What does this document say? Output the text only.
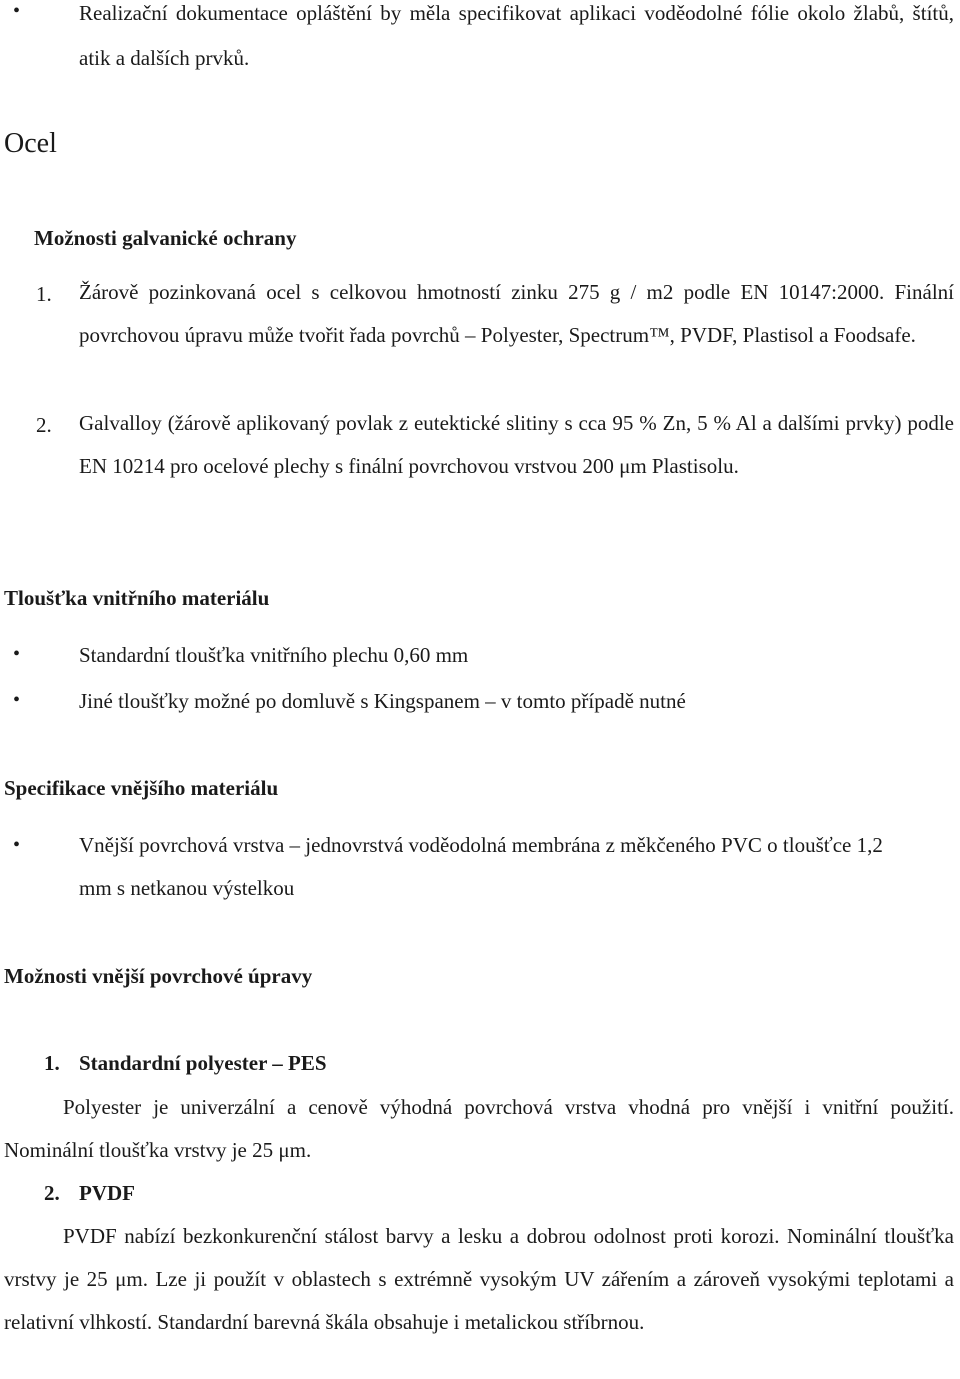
•	Realizační dokumentace opláštění by měla specifikovat aplikaci voděodolné fólie okolo žlabů, štítů, atik a dalších prvků.
Ocel
Možnosti galvanické ochrany
1. Žárově pozinkovaná ocel s celkovou hmotností zinku 275 g / m2 podle EN 10147:2000. Finální povrchovou úpravu může tvořit řada povrchů – Polyester, Spectrum™, PVDF, Plastisol a Foodsafe.
2. Galvalloy (žárově aplikovaný povlak z eutektické slitiny s cca 95 % Zn, 5 % Al a dalšími prvky) podle EN 10214 pro ocelové plechy s finální povrchovou vrstvou 200 μm Plastisolu.
Tloušťka vnitřního materiálu
•	Standardní tloušťka vnitřního plechu 0,60 mm
•	Jiné tloušťky možné po domluvě s Kingspanem – v tomto případě nutné
Specifikace vnějšího materiálu
•	Vnější povrchová vrstva – jednovrstvá voděodolná membrána z měkčeného PVC o tloušťce 1,2 mm s netkanou výstelkou
Možnosti vnější povrchové úpravy
1. Standardní polyester – PES
Polyester je univerzální a cenově výhodná povrchová vrstva vhodná pro vnější i vnitřní použití. Nominální tloušťka vrstvy je 25 μm.
2. PVDF
PVDF nabízí bezkonkurenční stálost barvy a lesku a dobrou odolnost proti korozi. Nominální tloušťka vrstvy je 25 μm. Lze ji použít v oblastech s extrémně vysokým UV zářením a zároveň vysokými teplotami a relativní vlhkostí. Standardní barevná škála obsahuje i metalickou stříbrnou.
